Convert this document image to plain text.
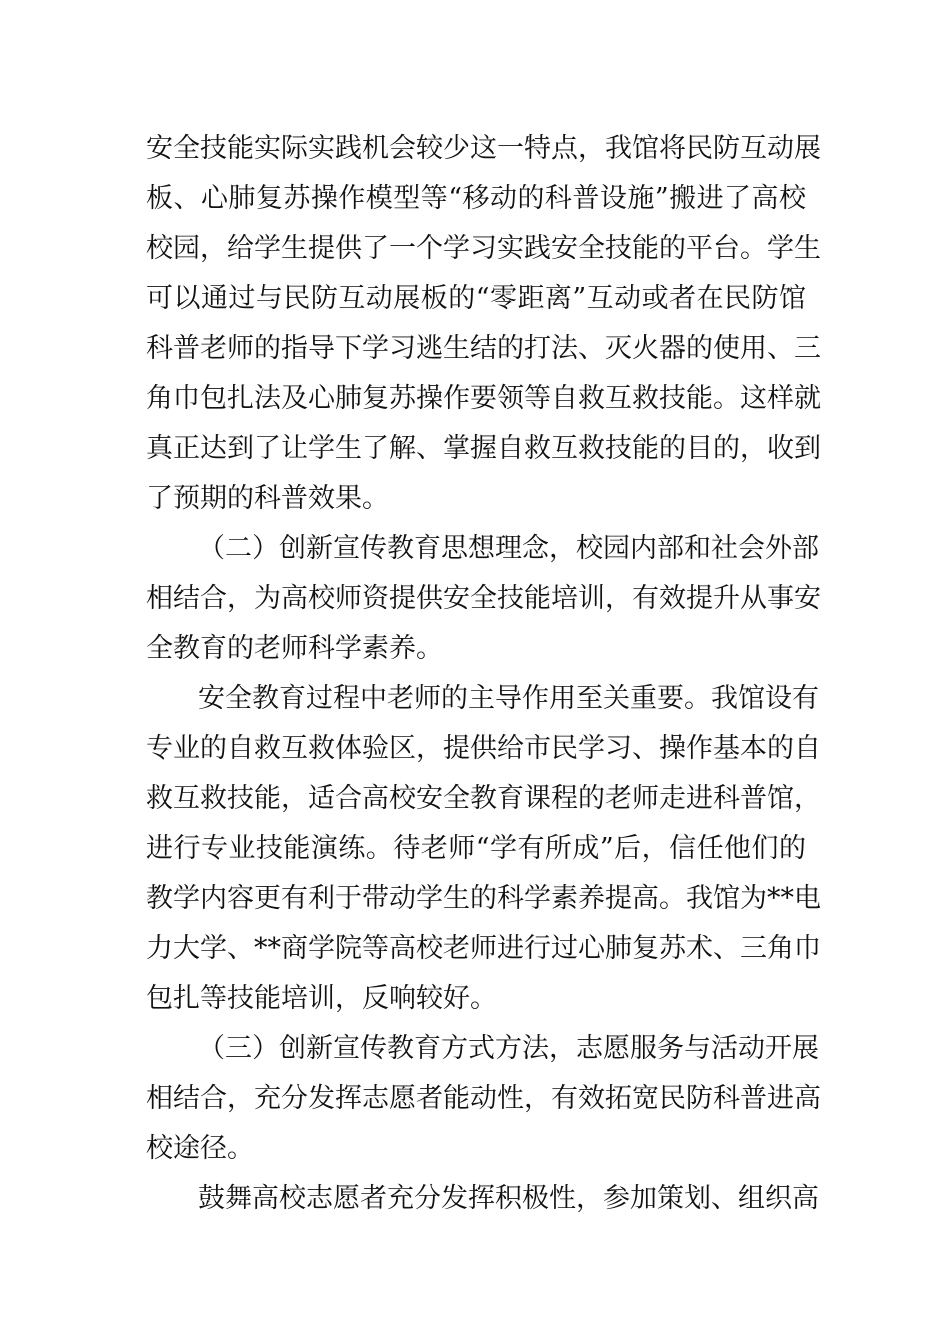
安全技能实际实践机会较少这一特点，我馆将民防互动展
板、心肺复苏操作模型等“移动的科普设施”搬进了高校
校园，给学生提供了一个学习实践安全技能的平台。学生
可以通过与民防互动展板的“零距离”互动或者在民防馆
科普老师的指导下学习逃生结的打法、灭火器的使用、三
角巾包扎法及心肺复苏操作要领等自救互救技能。这样就
真正达到了让学生了解、掌握自救互救技能的目的，收到
了预期的科普效果。
（二）创新宣传教育思想理念，校园内部和社会外部
相结合，为高校师资提供安全技能培训，有效提升从事安
全教育的老师科学素养。
安全教育过程中老师的主导作用至关重要。我馆设有
专业的自救互救体验区，提供给市民学习、操作基本的自
救互救技能，适合高校安全教育课程的老师走进科普馆，
进行专业技能演练。待老师“学有所成”后，信任他们的
教学内容更有利于带动学生的科学素养提高。我馆为**电
力大学、**商学院等高校老师进行过心肺复苏术、三角巾
包扎等技能培训，反响较好。
（三）创新宣传教育方式方法，志愿服务与活动开展
相结合，充分发挥志愿者能动性，有效拓宽民防科普进高
校途径。
鼓舞高校志愿者充分发挥积极性，参加策划、组织高
